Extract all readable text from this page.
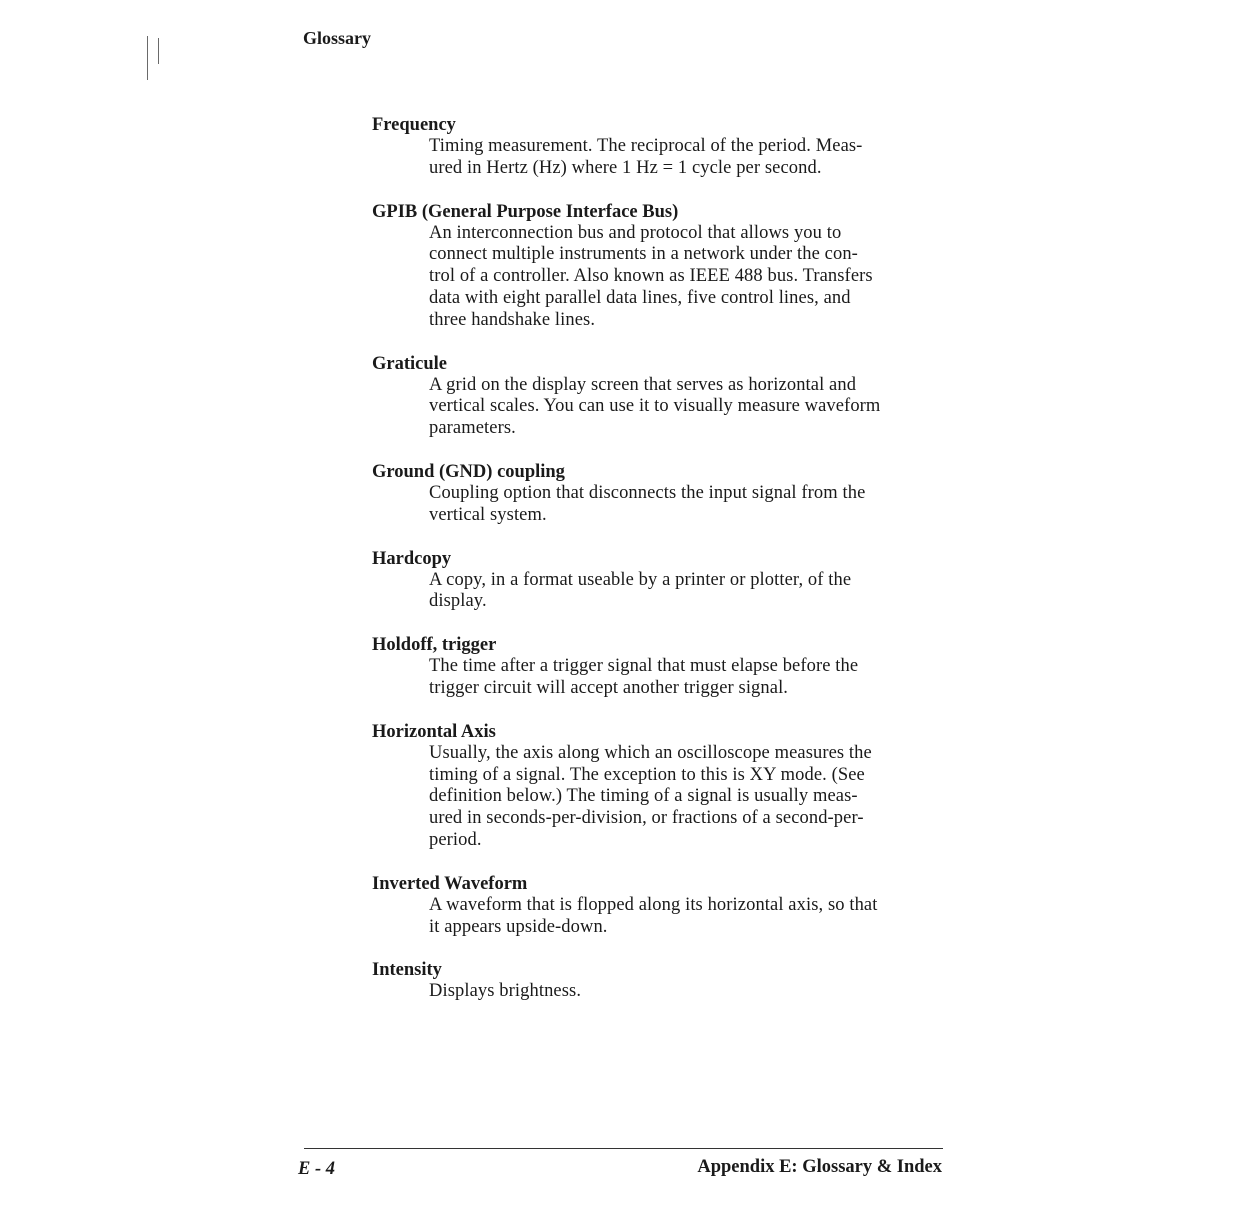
Glossary
Frequency
Timing measurement. The reciprocal of the period. Meas-
ured in Hertz (Hz) where 1 Hz = 1 cycle per second.
GPIB (General Purpose Interface Bus)
An interconnection bus and protocol that allows you to
connect multiple instruments in a network under the con-
trol of a controller. Also known as IEEE 488 bus. Transfers
data with eight parallel data lines, five control lines, and
three handshake lines.
Graticule
A grid on the display screen that serves as horizontal and
vertical scales. You can use it to visually measure waveform
parameters.
Ground (GND) coupling
Coupling option that disconnects the input signal from the
vertical system.
Hardcopy
A copy, in a format useable by a printer or plotter, of the
display.
Holdoff, trigger
The time after a trigger signal that must elapse before the
trigger circuit will accept another trigger signal.
Horizontal Axis
Usually, the axis along which an oscilloscope measures the
timing of a signal. The exception to this is XY mode. (See
definition below.) The timing of a signal is usually meas-
ured in seconds-per-division, or fractions of a second-per-
period.
Inverted Waveform
A waveform that is flopped along its horizontal axis, so that
it appears upside-down.
Intensity
Displays brightness.
E - 4	Appendix E: Glossary & Index
